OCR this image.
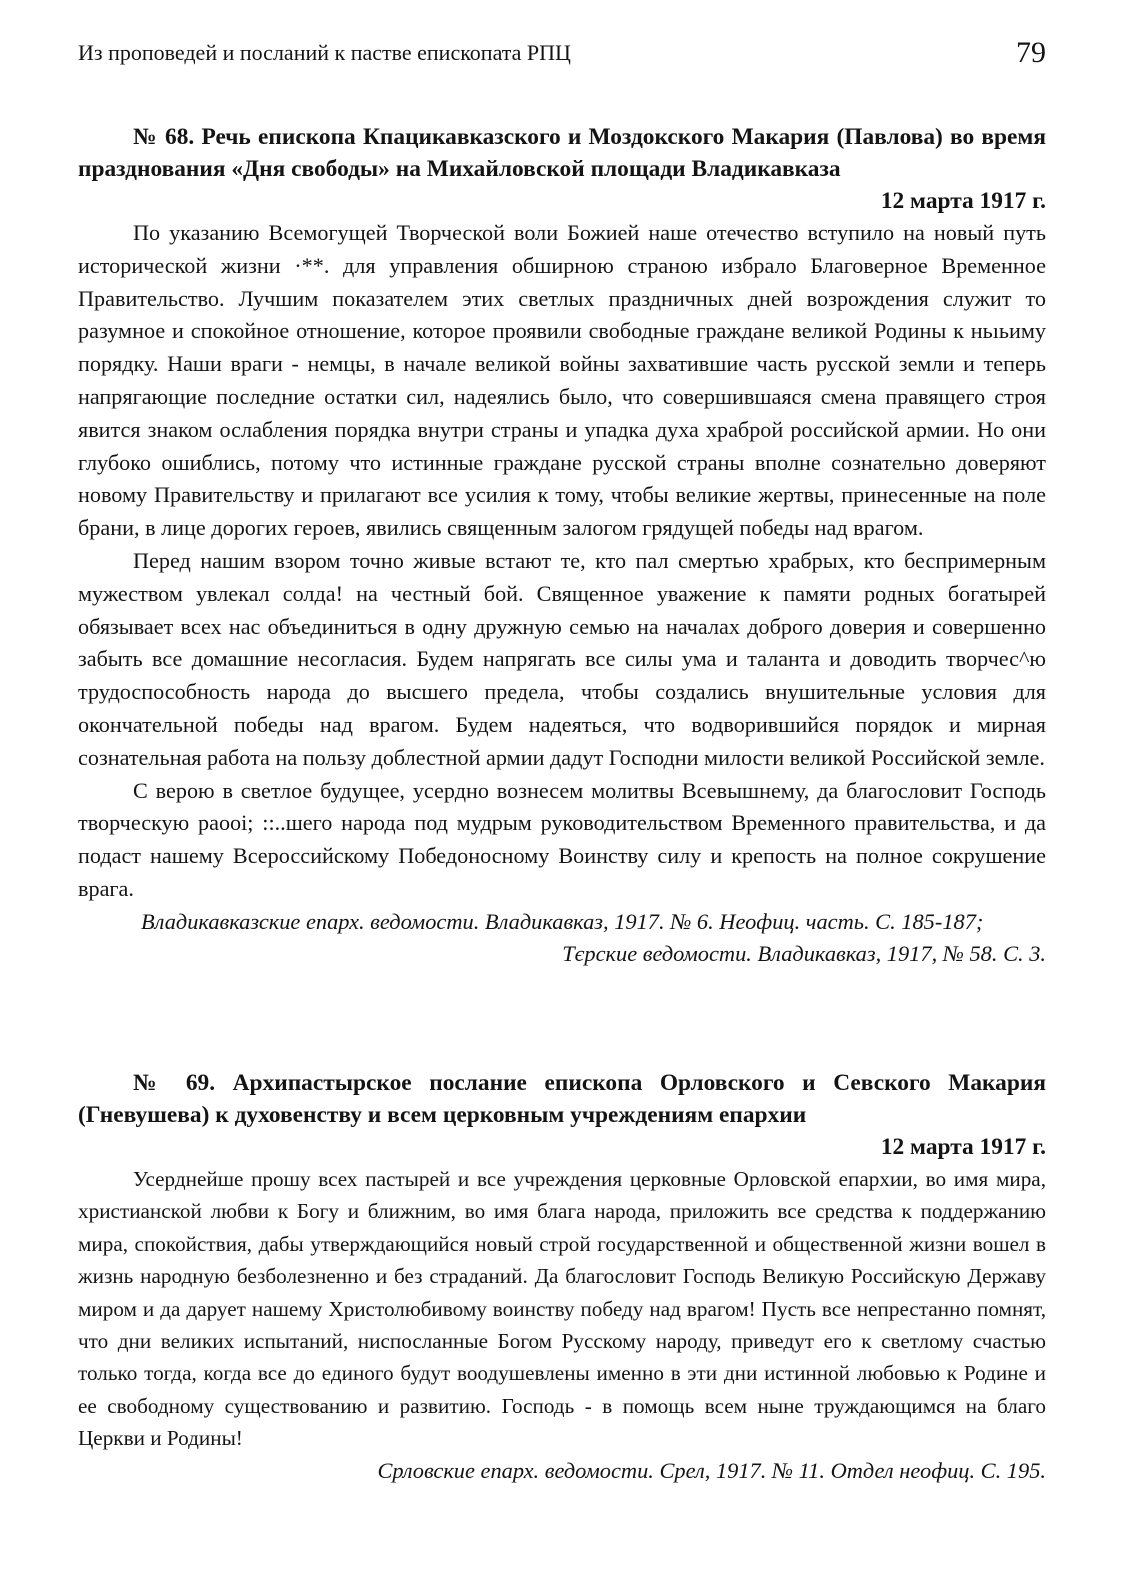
Из проповедей и посланий к пастве епископата РПЦ	79

№ 68. Речь епископа Кпацикавказского и Моздокского Макария (Павлова) во время празднования «Дня свободы» на Михайловской площади Владикавказа

12 марта 1917 г.

По указанию Всемогущей Творческой воли Божией наше отечество вступило на новый путь исторической жизни ·**. для управления обширною страною избрало Благоверное Временное Правительство. Лучшим показателем этих светлых праздничных дней возрождения служит то разумное и спокойное отношение, которое проявили свободные граждане великой Родины к ньıьиму порядку. Наши враги - немцы, в начале великой войны захватившие часть русской земли и теперь напрягающие последние остатки сил, надеялись было, что совершившаяся смена правящего строя явится знаком ослабления порядка внутри страны и упадка духа храброй российской армии. Но они глубоко ошиблись, потому что истинные граждане русской страны вполне сознательно доверяют новому Правительству и прилагают все усилия к тому, чтобы великие жертвы, принесенные на поле брани, в лице дорогих героев, явились священным залогом грядущей победы над врагом.

Перед нашим взором точно живые встают те, кто пал смертью храбрых, кто беспримерным мужеством увлекал солда! на честный бой. Священное уважение к памяти родных богатырей обязывает всех нас объединиться в одну дружную семью на началах доброго доверия и совершенно забыть все домашние несогласия. Будем напрягать все силы ума и таланта и доводить творчес^ю трудоспособность народа до высшего предела, чтобы создались внушительные условия для окончательной победы над врагом. Будем надеяться, что водворившийся порядок и мирная сознательная работа на пользу доблестной армии дадут Господни милости великой Российской земле.

С верою в светлое будущее, усердно вознесем молитвы Всевышнему, да благословит Господь творческую раооі; ::..шего народа под мудрым руководительством Временного правительства, и да подаст нашему Всероссийскому Победоносному Воинству силу и крепость на полное сокрушение врага.

Владикавказские епɑрх. ведомости. Владикавказ, 1917. № 6. Неофиц. часть. С. 185-187;

Тєрские ведомости. Владикавказ, 1917, № 58. С. 3.

№ 69. Архипастырское послание епископа Орловского и Севского Макария (Гневушева) к духовенству и всем церковным учреждениям епархии

12 марта 1917 г.

Усерднейше прошу всех пастырей и все учреждения церковные Орловской епархии, во имя мира, христианской любви к Богу и ближним, во имя блага народа, приложить все средства к поддержанию мира, спокойствия, дабы утверждающийся новый строй государственной и общественной жизни вошел в жизнь народную безболезненно и без страданий. Да благословит Господь Великую Российскую Державу миром и да дарует нашему Христолюбивому воинству победу над врагом! Пусть все непрестанно помнят, что дни великих испытаний, ниспосланные Богом Русскому народу, приведут его к светлому счастью только тогда, когда все до единого будут воодушевлены именно в эти дни истинной любовью к Родине и ее свободному существованию и развитию. Господь - в помощь всем ныне труждающимся на благо Церкви и Родины!

Срловские епарх. ведомости. Срел, 1917. № 11. Отдел неофиц. С. 195.
